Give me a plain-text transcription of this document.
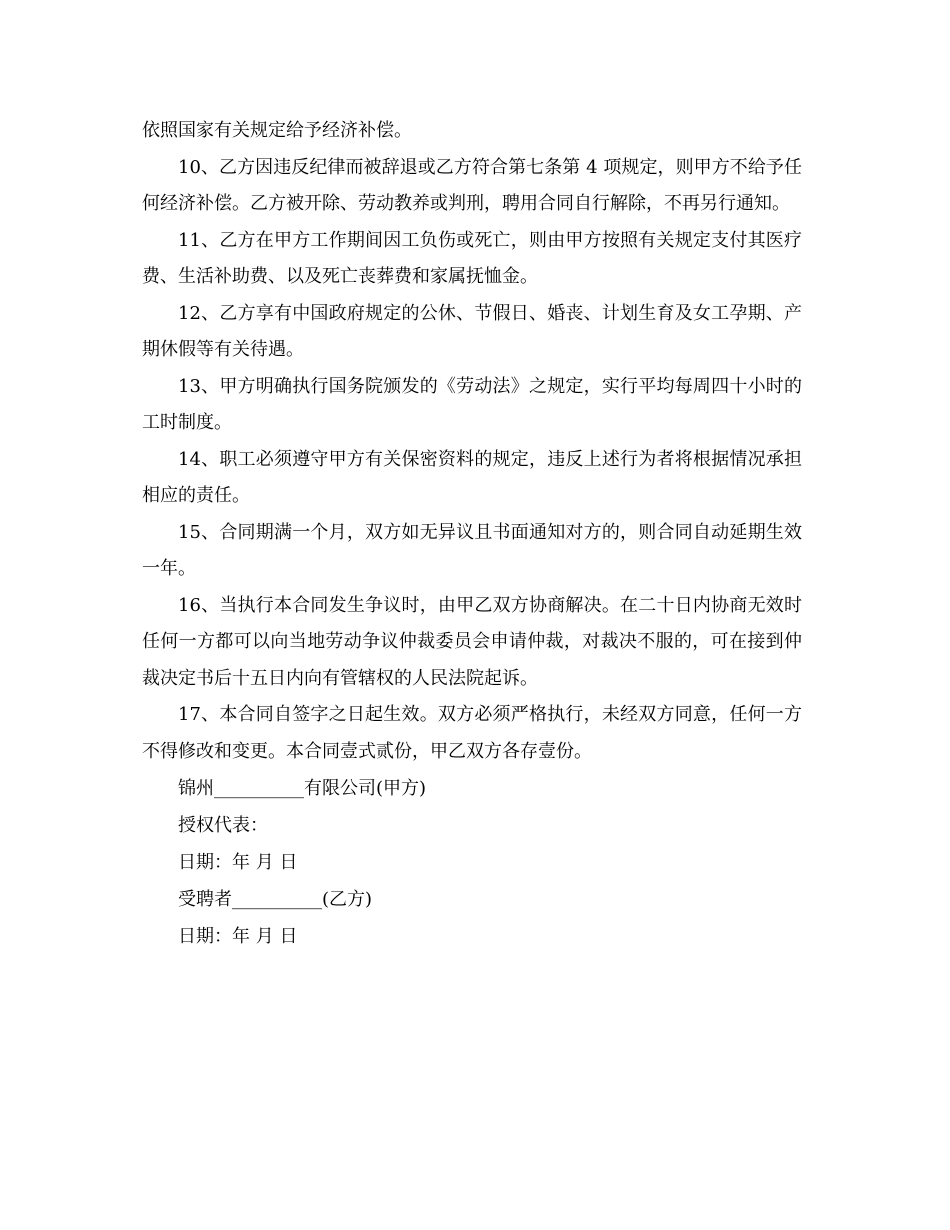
依照国家有关规定给予经济补偿。

10、乙方因违反纪律而被辞退或乙方符合第七条第 4 项规定，则甲方不给予任何经济补偿。乙方被开除、劳动教养或判刑，聘用合同自行解除，不再另行通知。

11、乙方在甲方工作期间因工负伤或死亡，则由甲方按照有关规定支付其医疗费、生活补助费、以及死亡丧葬费和家属抚恤金。

12、乙方享有中国政府规定的公休、节假日、婚丧、计划生育及女工孕期、产期休假等有关待遇。

13、甲方明确执行国务院颁发的《劳动法》之规定，实行平均每周四十小时的工时制度。

14、职工必须遵守甲方有关保密资料的规定，违反上述行为者将根据情况承担相应的责任。

15、合同期满一个月，双方如无异议且书面通知对方的，则合同自动延期生效一年。

16、当执行本合同发生争议时，由甲乙双方协商解决。在二十日内协商无效时任何一方都可以向当地劳动争议仲裁委员会申请仲裁，对裁决不服的，可在接到仲裁决定书后十五日内向有管辖权的人民法院起诉。

17、本合同自签字之日起生效。双方必须严格执行，未经双方同意，任何一方不得修改和变更。本合同壹式贰份，甲乙双方各存壹份。

锦州__________有限公司(甲方)

授权代表：

日期：年 月 日

受聘者__________(乙方)

日期：年 月 日
